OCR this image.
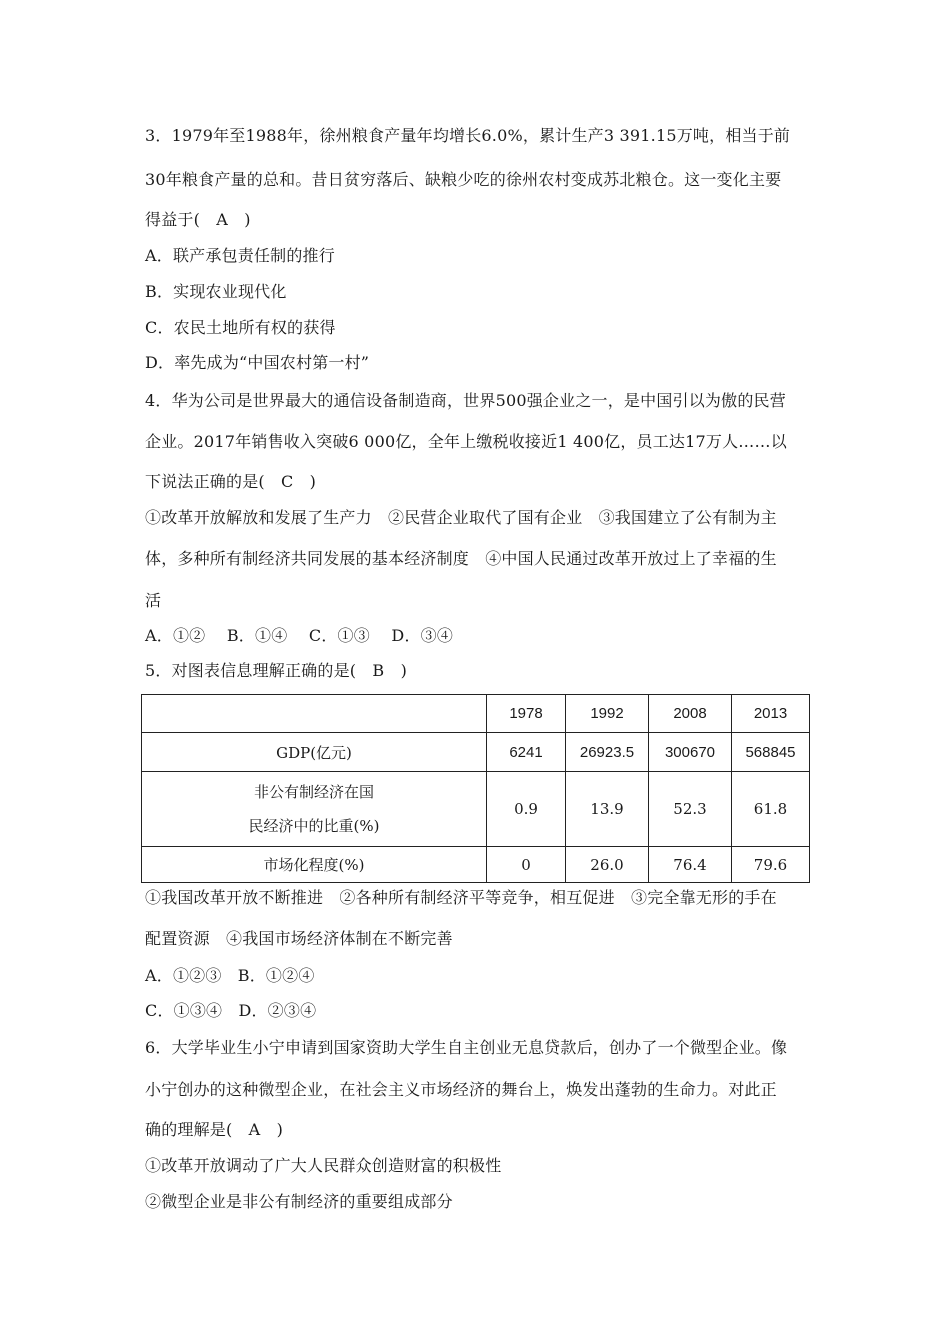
3．1979年至1988年，徐州粮食产量年均增长6.0%，累计生产3 391.15万吨，相当于前
30年粮食产量的总和。昔日贫穷落后、缺粮少吃的徐州农村变成苏北粮仓。这一变化主要
得益于(　A　)
A．联产承包责任制的推行
B．实现农业现代化
C．农民土地所有权的获得
D．率先成为“中国农村第一村”
4．华为公司是世界最大的通信设备制造商，世界500强企业之一，是中国引以为傲的民营
企业。2017年销售收入突破6 000亿，全年上缴税收接近1 400亿，员工达17万人……以
下说法正确的是(　C　)
①改革开放解放和发展了生产力　②民营企业取代了国有企业　③我国建立了公有制为主
体，多种所有制经济共同发展的基本经济制度　④中国人民通过改革开放过上了幸福的生
活
A．①②　 B．①④　 C．①③　 D．③④
5．对图表信息理解正确的是(　B　)
	1978	1992	2008	2013
GDP(亿元)	6241	26923.5	300670	568845

非公有制经济在国
民经济中的比重(%)	0.9	13.9	52.3	61.8
市场化程度(%)	0	26.0	76.4	79.6
①我国改革开放不断推进　②各种所有制经济平等竞争，相互促进　③完全靠无形的手在
配置资源　④我国市场经济体制在不断完善
A．①②③　B．①②④
C．①③④　D．②③④
6．大学毕业生小宁申请到国家资助大学生自主创业无息贷款后，创办了一个微型企业。像
小宁创办的这种微型企业，在社会主义市场经济的舞台上，焕发出蓬勃的生命力。对此正
确的理解是(　A　)
①改革开放调动了广大人民群众创造财富的积极性
②微型企业是非公有制经济的重要组成部分
